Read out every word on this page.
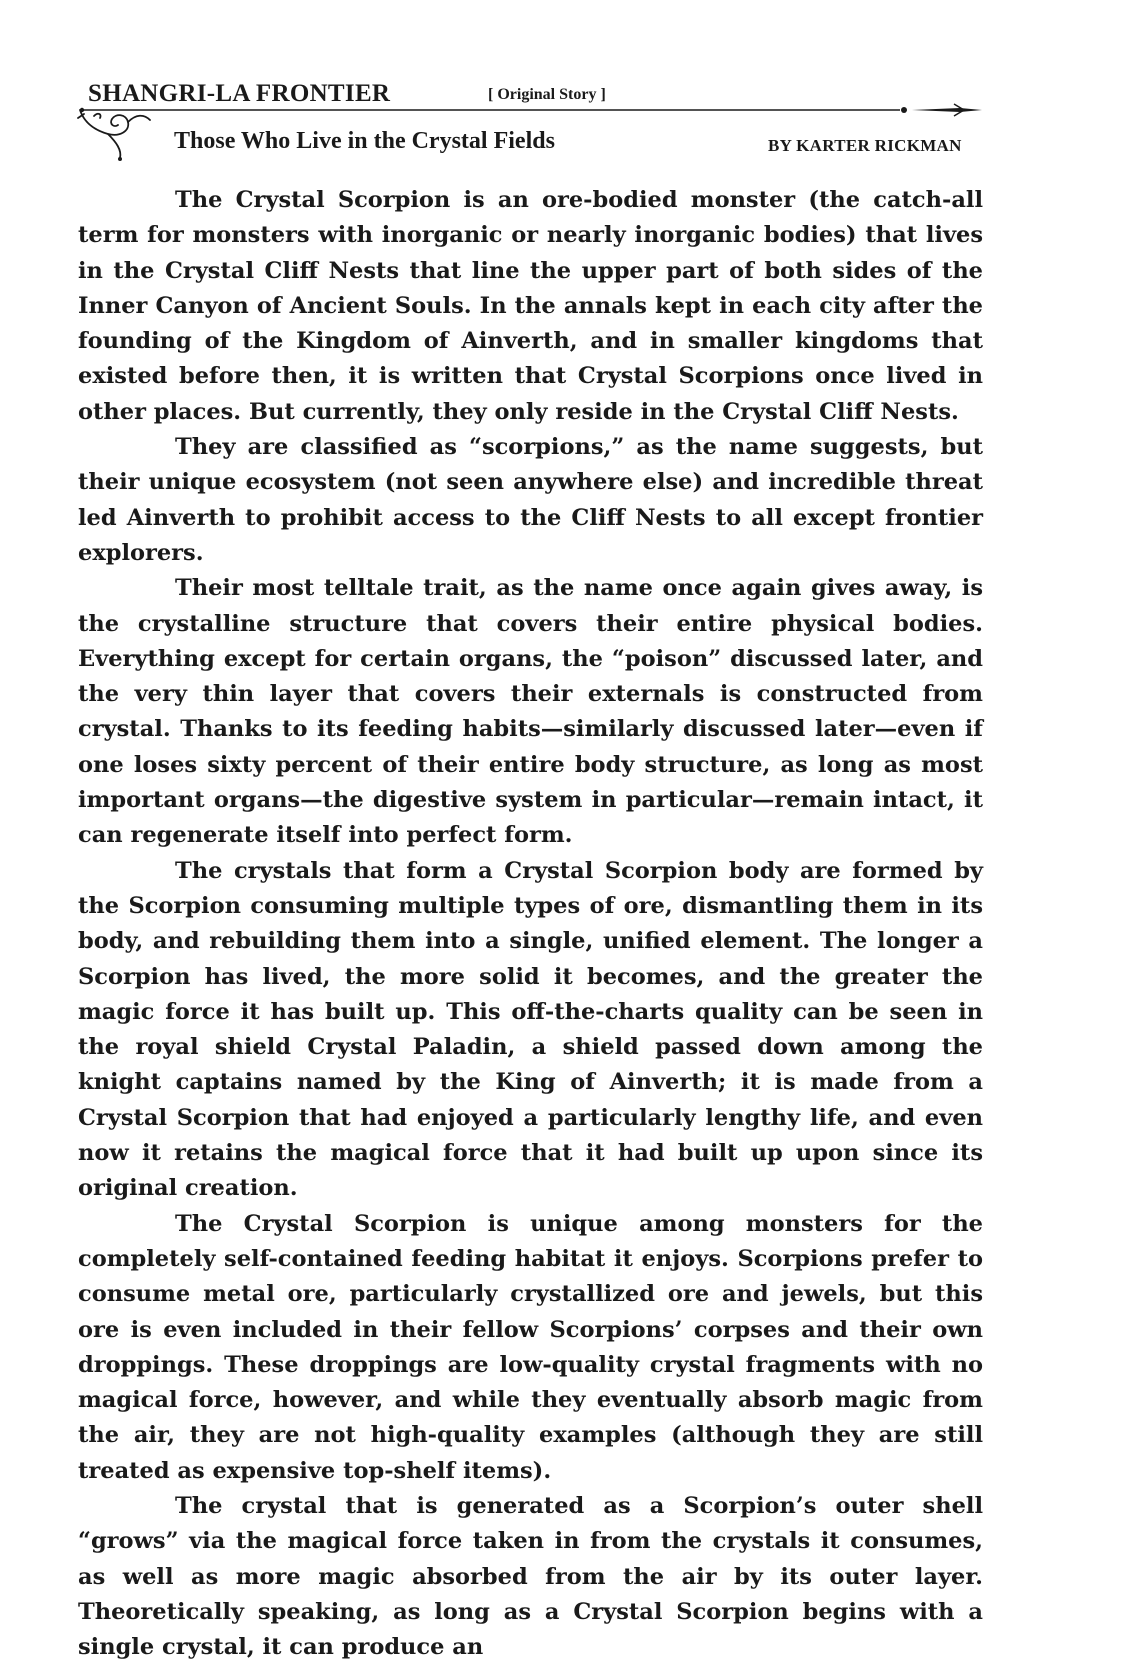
SHANGRI-LA FRONTIER	[ Original Story ]
Those Who Live in the Crystal Fields	BY KARTER RICKMAN

The Crystal Scorpion is an ore-bodied monster (the catch-all term for monsters with inorganic or nearly inorganic bodies) that lives in the Crystal Cliff Nests that line the upper part of both sides of the Inner Canyon of Ancient Souls. In the annals kept in each city after the founding of the Kingdom of Ainverth, and in smaller kingdoms that existed before then, it is written that Crystal Scorpions once lived in other places. But currently, they only reside in the Crystal Cliff Nests.

They are classified as “scorpions,” as the name suggests, but their unique ecosystem (not seen anywhere else) and incredible threat led Ainverth to prohibit access to the Cliff Nests to all except frontier explorers.

Their most telltale trait, as the name once again gives away, is the crystalline structure that covers their entire physical bodies. Everything except for certain organs, the “poison” discussed later, and the very thin layer that covers their externals is constructed from crystal. Thanks to its feeding habits—similarly discussed later—even if one loses sixty percent of their entire body structure, as long as most important organs—the digestive system in particular—remain intact, it can regenerate itself into perfect form.

The crystals that form a Crystal Scorpion body are formed by the Scorpion consuming multiple types of ore, dismantling them in its body, and rebuilding them into a single, unified element. The longer a Scorpion has lived, the more solid it becomes, and the greater the magic force it has built up. This off-the-charts quality can be seen in the royal shield Crystal Paladin, a shield passed down among the knight captains named by the King of Ainverth; it is made from a Crystal Scorpion that had enjoyed a particularly lengthy life, and even now it retains the magical force that it had built up upon since its original creation.

The Crystal Scorpion is unique among monsters for the completely self-contained feeding habitat it enjoys. Scorpions prefer to consume metal ore, particularly crystallized ore and jewels, but this ore is even included in their fellow Scorpions’ corpses and their own droppings. These droppings are low-quality crystal fragments with no magical force, however, and while they eventually absorb magic from the air, they are not high-quality examples (although they are still treated as expensive top-shelf items).

The crystal that is generated as a Scorpion’s outer shell “grows” via the magical force taken in from the crystals it consumes, as well as more magic absorbed from the air by its outer layer. Theoretically speaking, as long as a Crystal Scorpion begins with a single crystal, it can produce an
